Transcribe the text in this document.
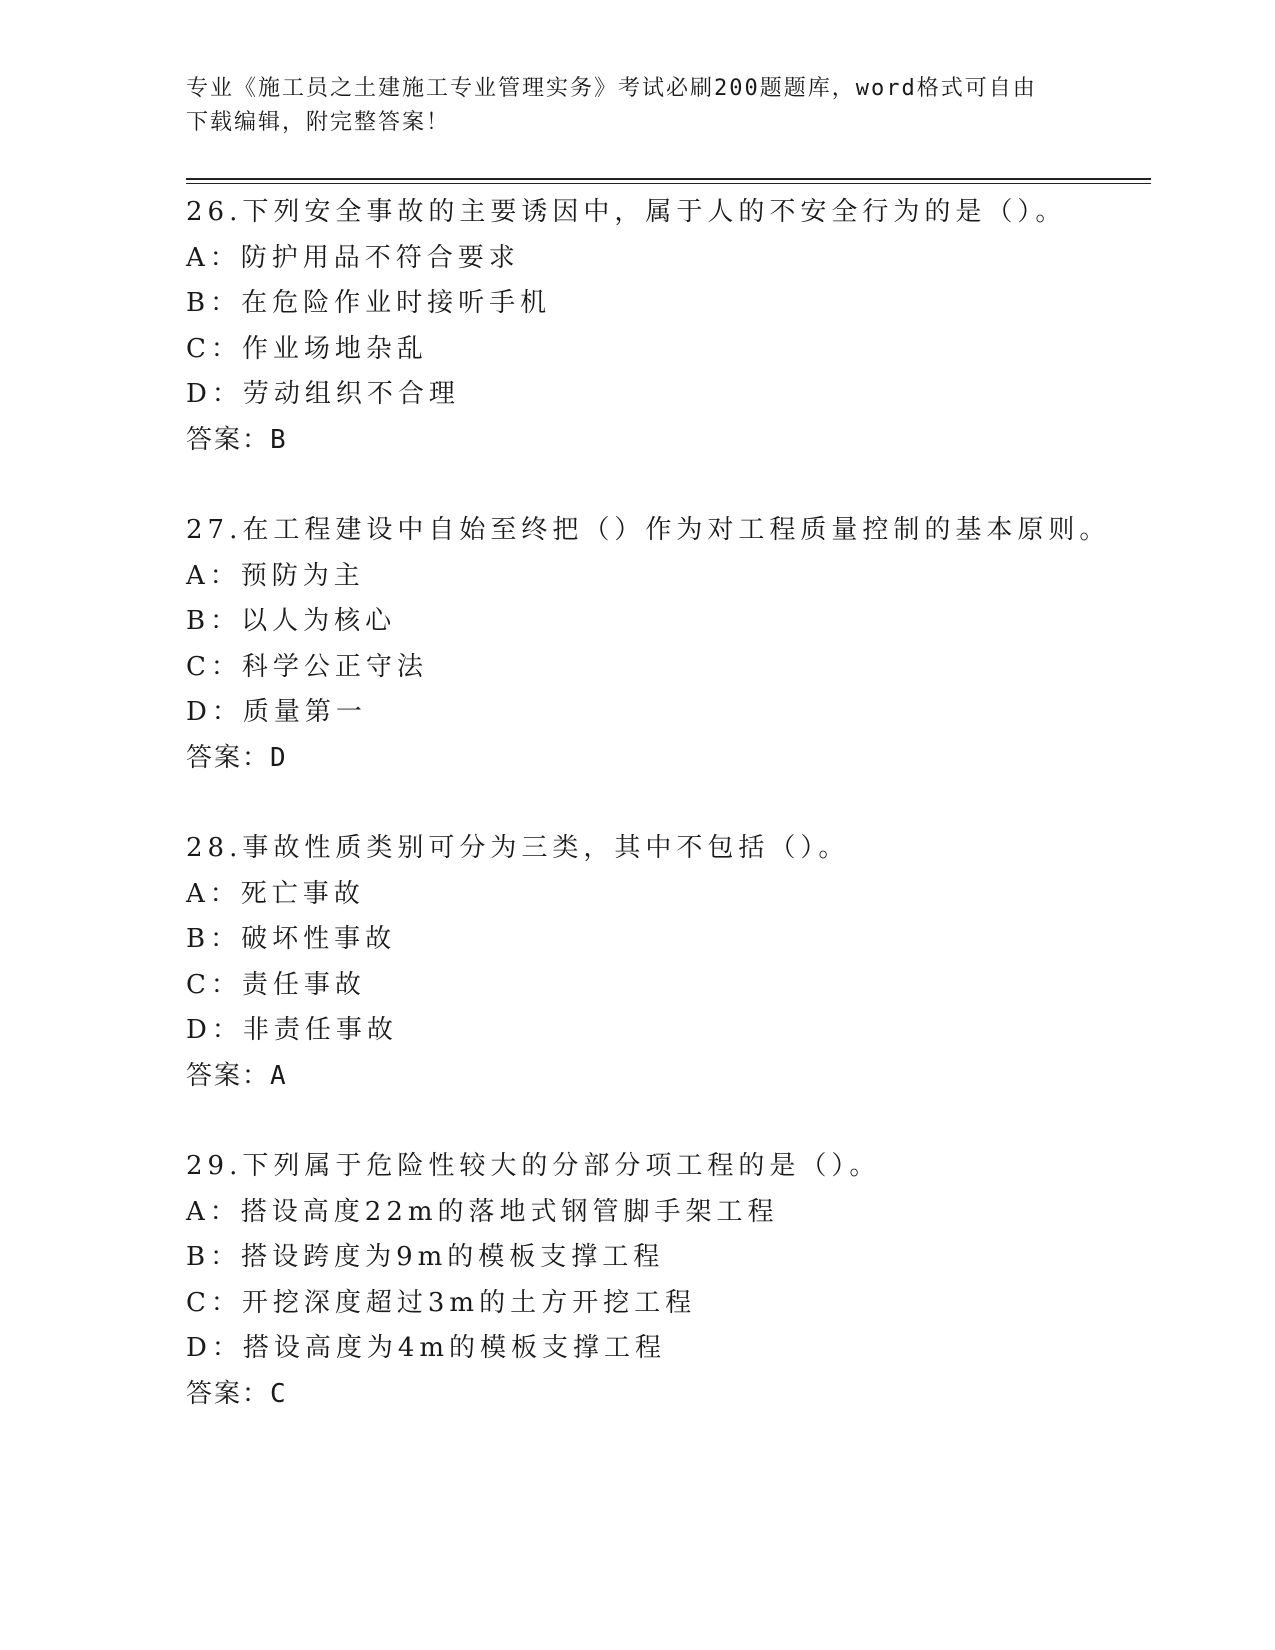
专业《施工员之土建施工专业管理实务》考试必刷200题题库，word格式可自由
下载编辑，附完整答案！
26.下列安全事故的主要诱因中，属于人的不安全行为的是（）。
A：防护用品不符合要求
B：在危险作业时接听手机
C：作业场地杂乱
D：劳动组织不合理
答案：B
27.在工程建设中自始至终把（）作为对工程质量控制的基本原则。
A：预防为主
B：以人为核心
C：科学公正守法
D：质量第一
答案：D
28.事故性质类别可分为三类，其中不包括（）。
A：死亡事故
B：破坏性事故
C：责任事故
D：非责任事故
答案：A
29.下列属于危险性较大的分部分项工程的是（）。
A：搭设高度22m的落地式钢管脚手架工程
B：搭设跨度为9m的模板支撑工程
C：开挖深度超过3m的土方开挖工程
D：搭设高度为4m的模板支撑工程
答案：C
